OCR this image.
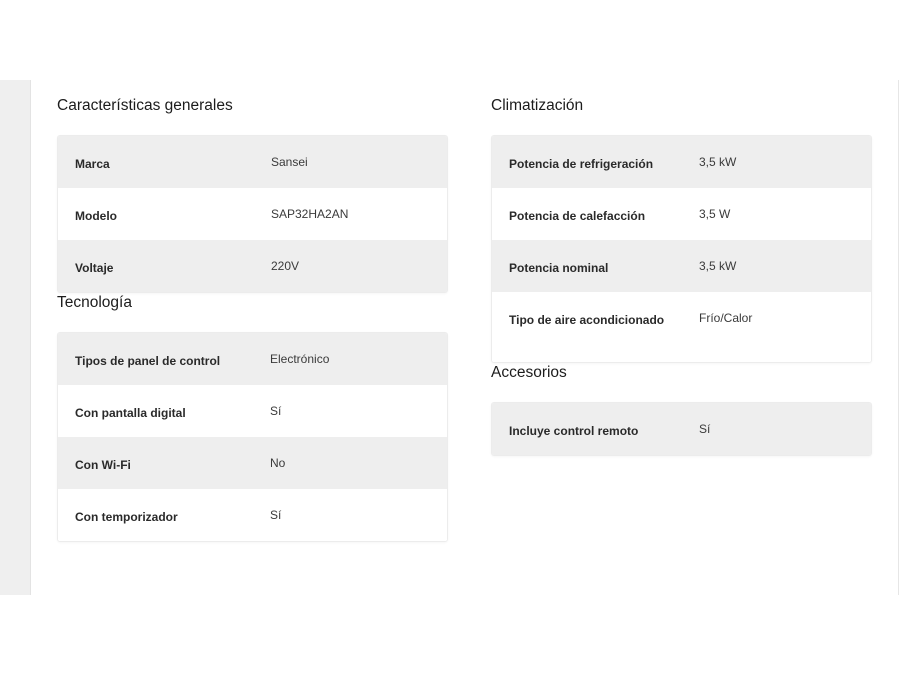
Características generales
Marca	Sansei
Modelo	SAP32HA2AN
Voltaje	220V
Tecnología
Tipos de panel de control	Electrónico
Con pantalla digital	Sí
Con Wi-Fi	No
Con temporizador	Sí
Climatización
Potencia de refrigeración	3,5 kW
Potencia de calefacción	3,5 W
Potencia nominal	3,5 kW
Tipo de aire acondicionado	Frío/Calor
Accesorios
Incluye control remoto	Sí
